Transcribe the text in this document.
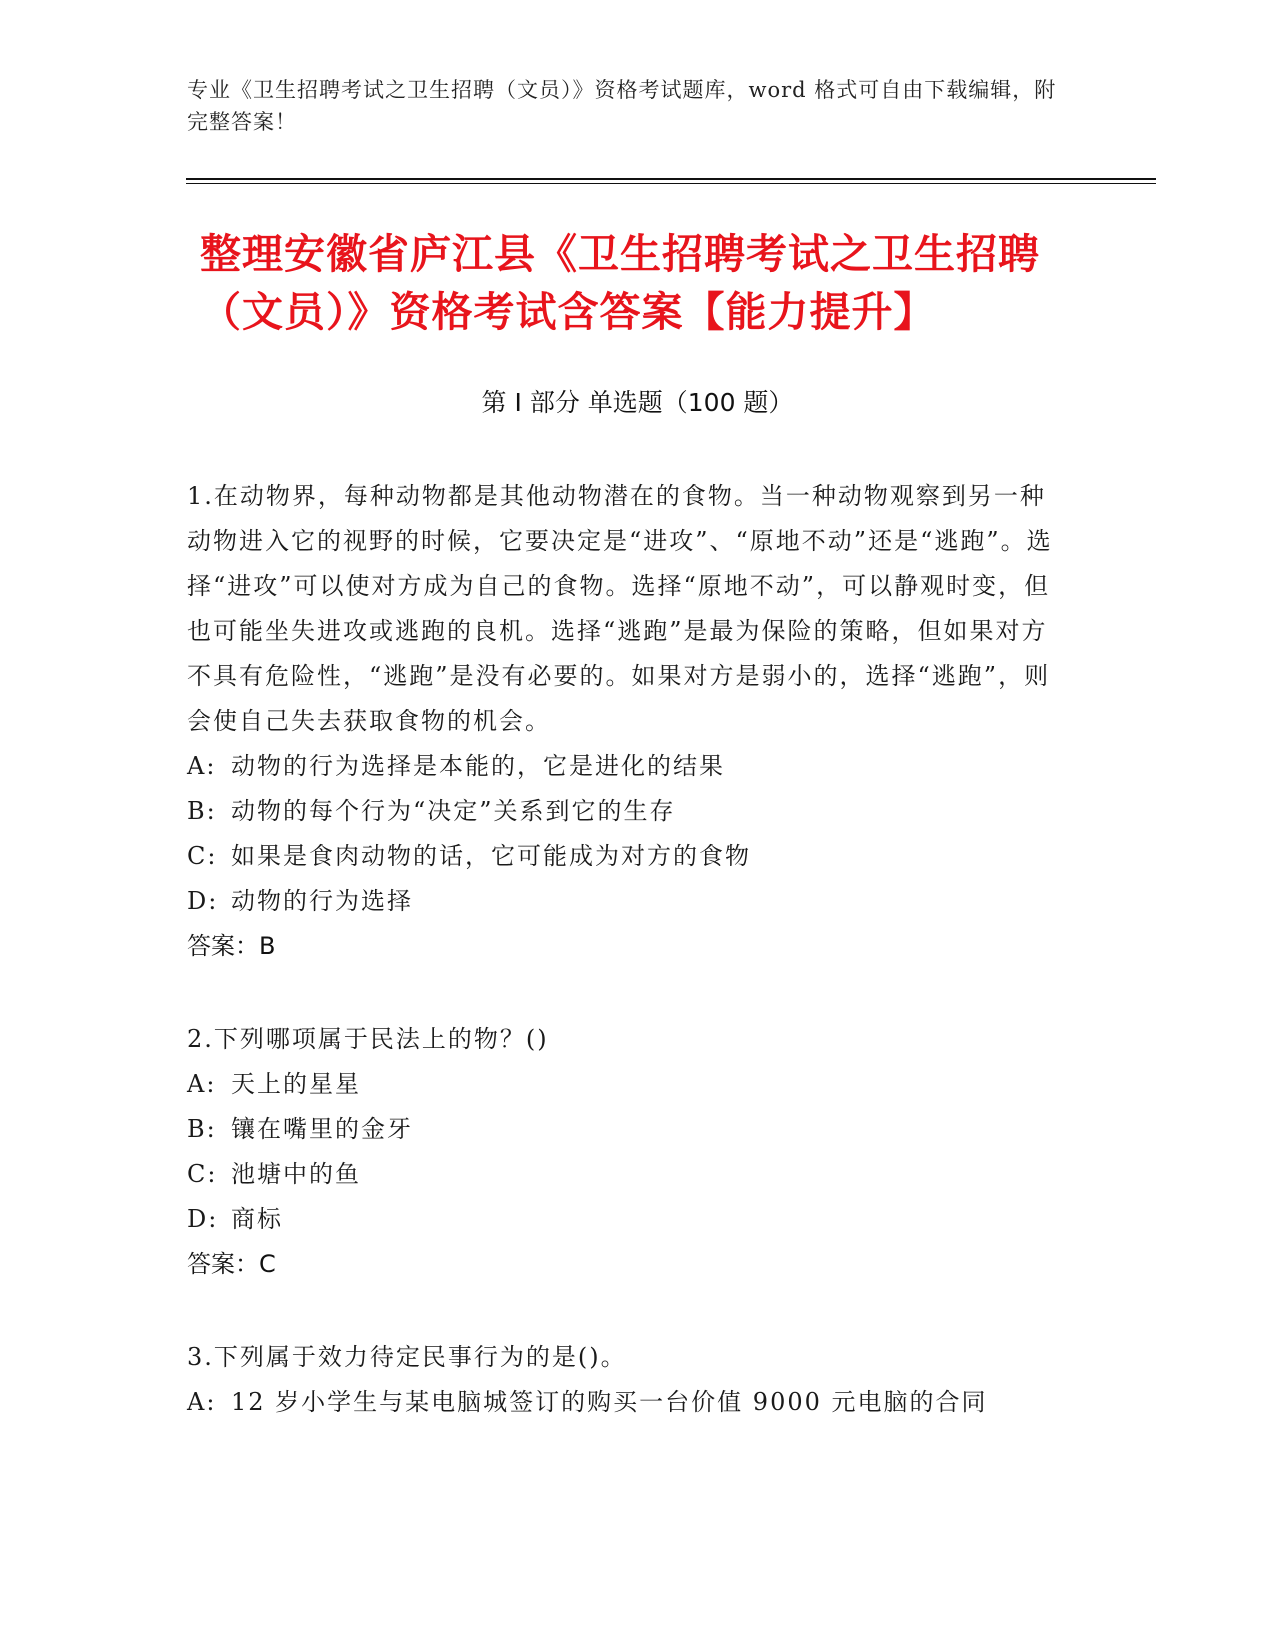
专业《卫生招聘考试之卫生招聘（文员）》资格考试题库，word 格式可自由下载编辑，附完整答案！
整理安徽省庐江县《卫生招聘考试之卫生招聘（文员）》资格考试含答案【能力提升】
第 I 部分 单选题（100 题）

1.在动物界，每种动物都是其他动物潜在的食物。当一种动物观察到另一种动物进入它的视野的时候，它要决定是“进攻”、“原地不动”还是“逃跑”。选择“进攻”可以使对方成为自己的食物。选择“原地不动”，可以静观时变，但也可能坐失进攻或逃跑的良机。选择“逃跑”是最为保险的策略，但如果对方不具有危险性，“逃跑”是没有必要的。如果对方是弱小的，选择“逃跑”，则会使自己失去获取食物的机会。

A: 动物的行为选择是本能的，它是进化的结果
B: 动物的每个行为“决定”关系到它的生存
C: 如果是食肉动物的话，它可能成为对方的食物
D: 动物的行为选择
答案：B

2.下列哪项属于民法上的物？()

A: 天上的星星
B: 镶在嘴里的金牙
C: 池塘中的鱼
D: 商标
答案：C

3.下列属于效力待定民事行为的是()。

A: 12 岁小学生与某电脑城签订的购买一台价值 9000 元电脑的合同
